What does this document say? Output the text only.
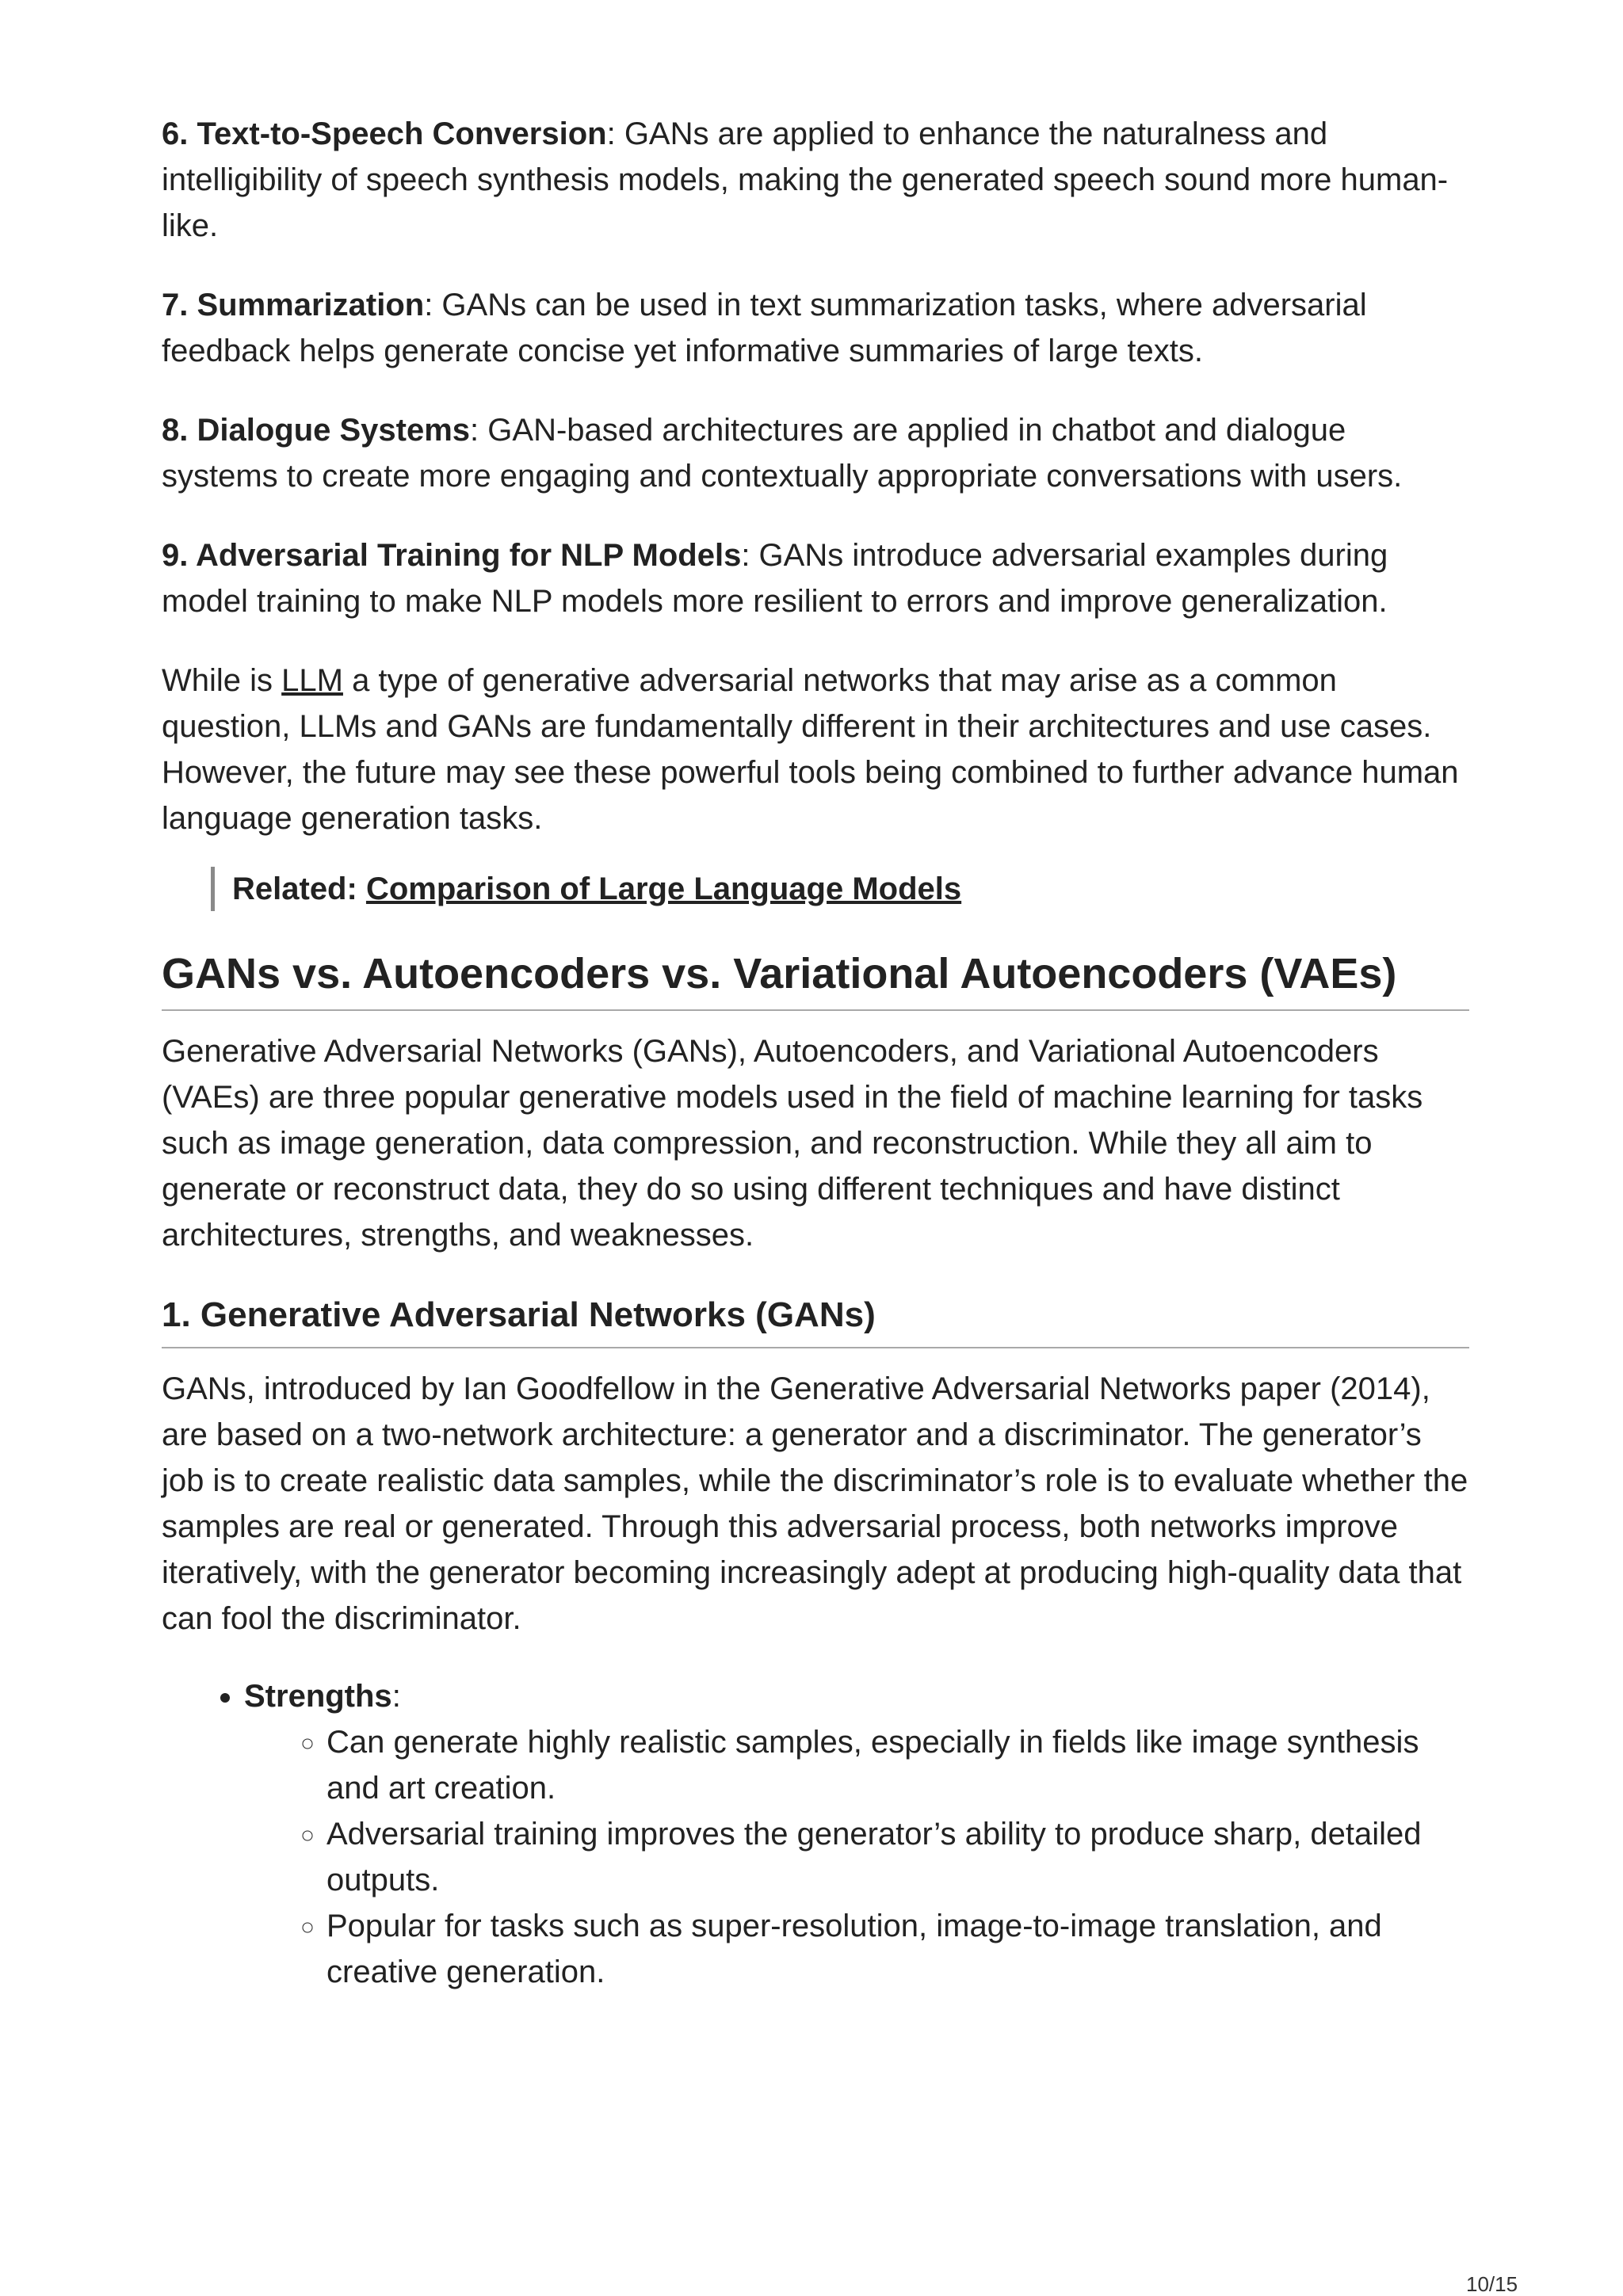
6. Text-to-Speech Conversion: GANs are applied to enhance the naturalness and intelligibility of speech synthesis models, making the generated speech sound more human-like.

7. Summarization: GANs can be used in text summarization tasks, where adversarial feedback helps generate concise yet informative summaries of large texts.

8. Dialogue Systems: GAN-based architectures are applied in chatbot and dialogue systems to create more engaging and contextually appropriate conversations with users.

9. Adversarial Training for NLP Models: GANs introduce adversarial examples during model training to make NLP models more resilient to errors and improve generalization.

While is LLM a type of generative adversarial networks that may arise as a common question, LLMs and GANs are fundamentally different in their architectures and use cases. However, the future may see these powerful tools being combined to further advance human language generation tasks.

Related: Comparison of Large Language Models
GANs vs. Autoencoders vs. Variational Autoencoders (VAEs)

Generative Adversarial Networks (GANs), Autoencoders, and Variational Autoencoders (VAEs) are three popular generative models used in the field of machine learning for tasks such as image generation, data compression, and reconstruction. While they all aim to generate or reconstruct data, they do so using different techniques and have distinct architectures, strengths, and weaknesses.

1. Generative Adversarial Networks (GANs)

GANs, introduced by Ian Goodfellow in the Generative Adversarial Networks paper (2014), are based on a two-network architecture: a generator and a discriminator. The generator’s job is to create realistic data samples, while the discriminator’s role is to evaluate whether the samples are real or generated. Through this adversarial process, both networks improve iteratively, with the generator becoming increasingly adept at producing high-quality data that can fool the discriminator.

• Strengths:
◦ Can generate highly realistic samples, especially in fields like image synthesis and art creation.
◦ Adversarial training improves the generator’s ability to produce sharp, detailed outputs.
◦ Popular for tasks such as super-resolution, image-to-image translation, and creative generation.
10/15
